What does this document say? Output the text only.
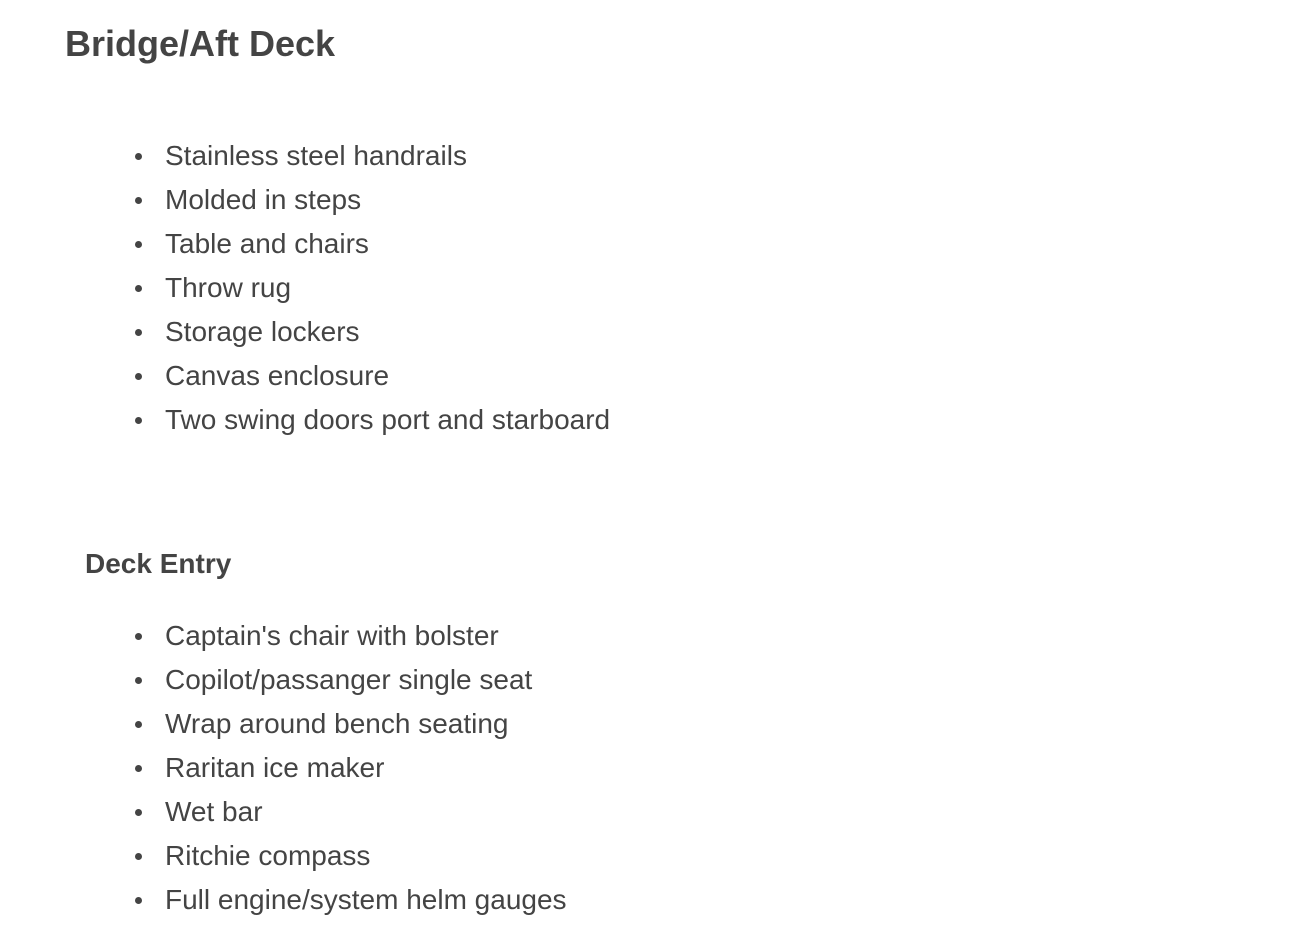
Bridge/Aft Deck
Stainless steel handrails
Molded in steps
Table and chairs
Throw rug
Storage lockers
Canvas enclosure
Two swing doors port and starboard
Deck Entry
Captain's chair with bolster
Copilot/passanger single seat
Wrap around bench seating
Raritan ice maker
Wet bar
Ritchie compass
Full engine/system helm gauges
